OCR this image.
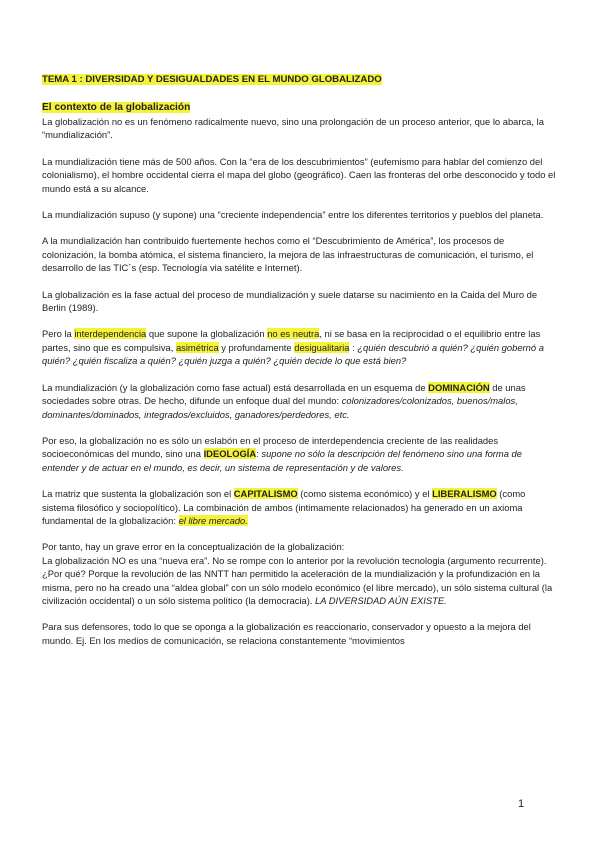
TEMA 1 : DIVERSIDAD Y DESIGUALDADES EN EL MUNDO GLOBALIZADO
El contexto de la globalización

La globalización no es un fenómeno radicalmente nuevo, sino una prolongación de un proceso anterior, que lo abarca, la “mundialización”.

La mundialización tiene más de 500 años. Con la “era de los descubrimientos” (eufemismo para hablar del comienzo del colonialismo), el hombre occidental cierra el mapa del globo (geográfico). Caen las fronteras del orbe desconocido y todo el mundo está a su alcance.

La mundialización supuso (y supone) una “creciente independencia” entre los diferentes territorios y pueblos del planeta.

A la mundialización han contribuido fuertemente hechos como el “Descubrimiento de América”, los procesos de colonización, la bomba atómica, el sistema financiero, la mejora de las infraestructuras de comunicación, el turismo, el desarrollo de las TIC´s (esp. Tecnología via satélite e Internet).

La globalización es la fase actual del proceso de mundialización y suele datarse su nacimiento en la Caida del Muro de Berlin (1989).

Pero la interdependencia que supone la globalización no es neutra, ni se basa en la reciprocidad o el equilibrio entre las partes, sino que es compulsiva, asimétrica y profundamente desigualitaria : ¿quién descubrió a quién? ¿quién gobernó a quién? ¿quién fiscaliza a quién? ¿quién juzga a quién? ¿quién decide lo que está bien?

La mundialización (y la globalización como fase actual) está desarrollada en un esquema de DOMINACIÓN de unas sociedades sobre otras. De hecho, difunde un enfoque dual del mundo: colonizadores/colonizados, buenos/malos, dominantes/dominados, integrados/excluidos, ganadores/perdedores, etc.

Por eso, la globalización no es sólo un eslabón en el proceso de interdependencia creciente de las realidades socioeconómicas del mundo, sino una IDEOLOGÍA: supone no sólo la descripción del fenómeno sino una forma de entender y de actuar en el mundo, es decir, un sistema de representación y de valores.

La matriz que sustenta la globalización son el CAPITALISMO (como sistema económico) y el LIBERALISMO (como sistema filosófico y sociopolítico). La combinación de ambos (intimamente relacionados) ha generado en un axioma fundamental de la globalización: el libre mercado.

Por tanto, hay un grave error en la conceptualización de la globalización:
La globalización NO es una “nueva era”. No se rompe con lo anterior por la revolución tecnologia (argumento recurrente). ¿Por qué? Porque la revolución de las NNTT han permitido la aceleración de la mundialización y la profundización en la misma, pero no ha creado una “aldea global” con un sólo modelo económico (el libre mercado), un sólo sistema cultural (la civilización occidental) o un sólo sistema político (la democracia). LA DIVERSIDAD AÚN EXISTE.

Para sus defensores, todo lo que se oponga a la globalización es reaccionario, conservador y opuesto a la mejora del mundo. Ej. En los medios de comunicación, se relaciona constantemente “movimientos

1
